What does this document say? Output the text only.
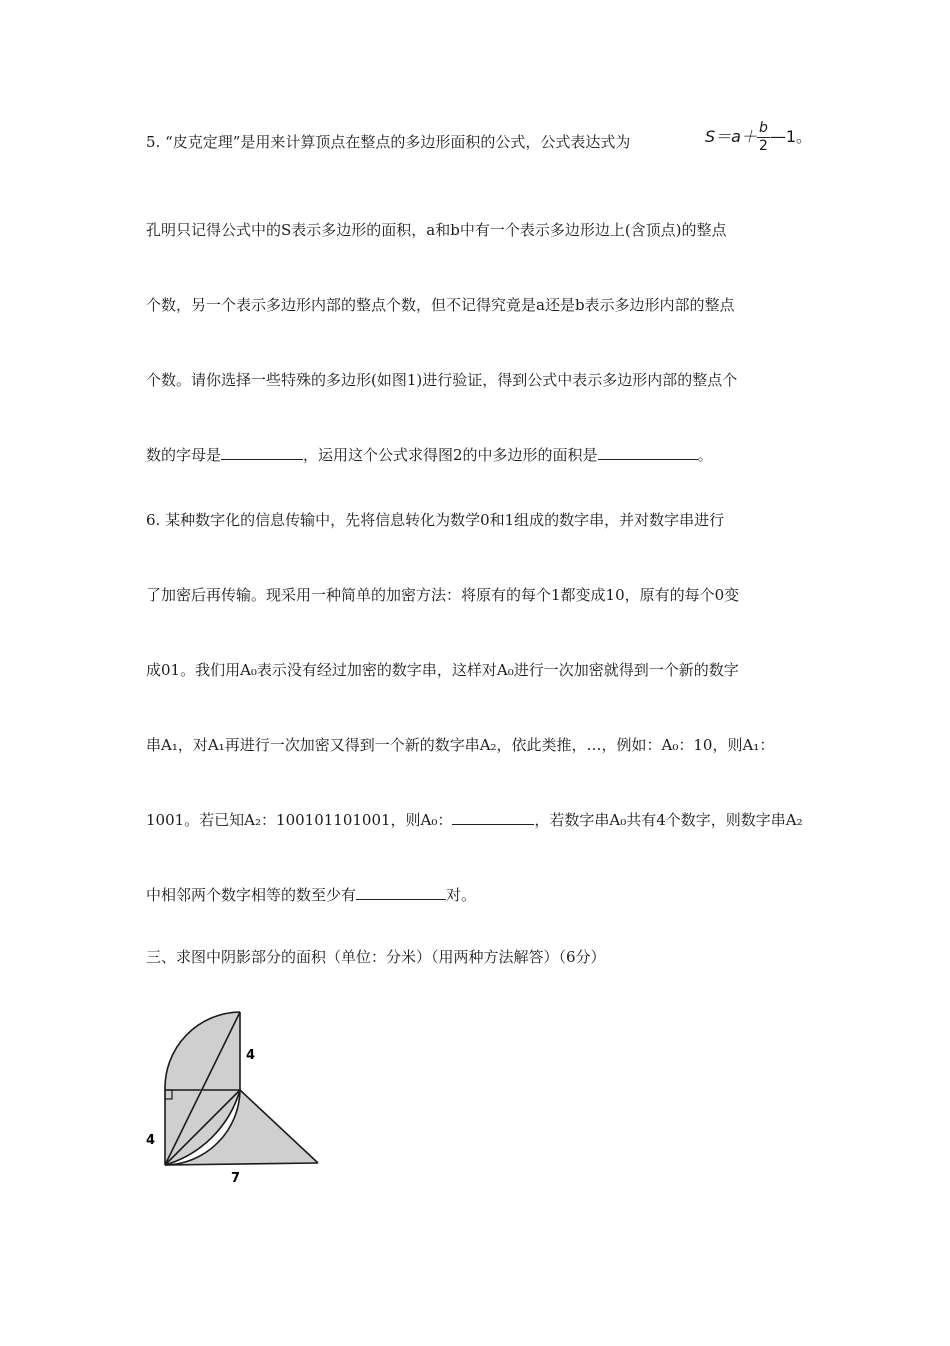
5. “皮克定理”是用来计算顶点在整点的多边形面积的公式，公式表达式为	$S=a+ \frac{b}{2}$ —1。
孔明只记得公式中的S表示多边形的面积，a和b中有一个表示多边形边上(含顶点)的整点
个数，另一个表示多边形内部的整点个数，但不记得究竟是a还是b表示多边形内部的整点
个数。请你选择一些特殊的多边形(如图1)进行验证，得到公式中表示多边形内部的整点个
数的字母是	，运用这个公式求得图2的中多边形的面积是	。
6. 某种数字化的信息传输中，先将信息转化为数学0和1组成的数字串，并对数字串进行
了加密后再传输。现采用一种简单的加密方法：将原有的每个1都变成10，原有的每个0变
成01。我们用A₀表示没有经过加密的数字串，这样对A₀进行一次加密就得到一个新的数字
串A₁，对A₁再进行一次加密又得到一个新的数字串A₂，依此类推，…，例如：A₀：10，则A₁：
1001。若已知A₂：100101101001，则A₀：	，若数字串A₀共有4个数字，则数字串A₂
中相邻两个数字相等的数至少有	对。
三、求图中阴影部分的面积（单位：分米）（用两种方法解答）（6分）
4
4
7
